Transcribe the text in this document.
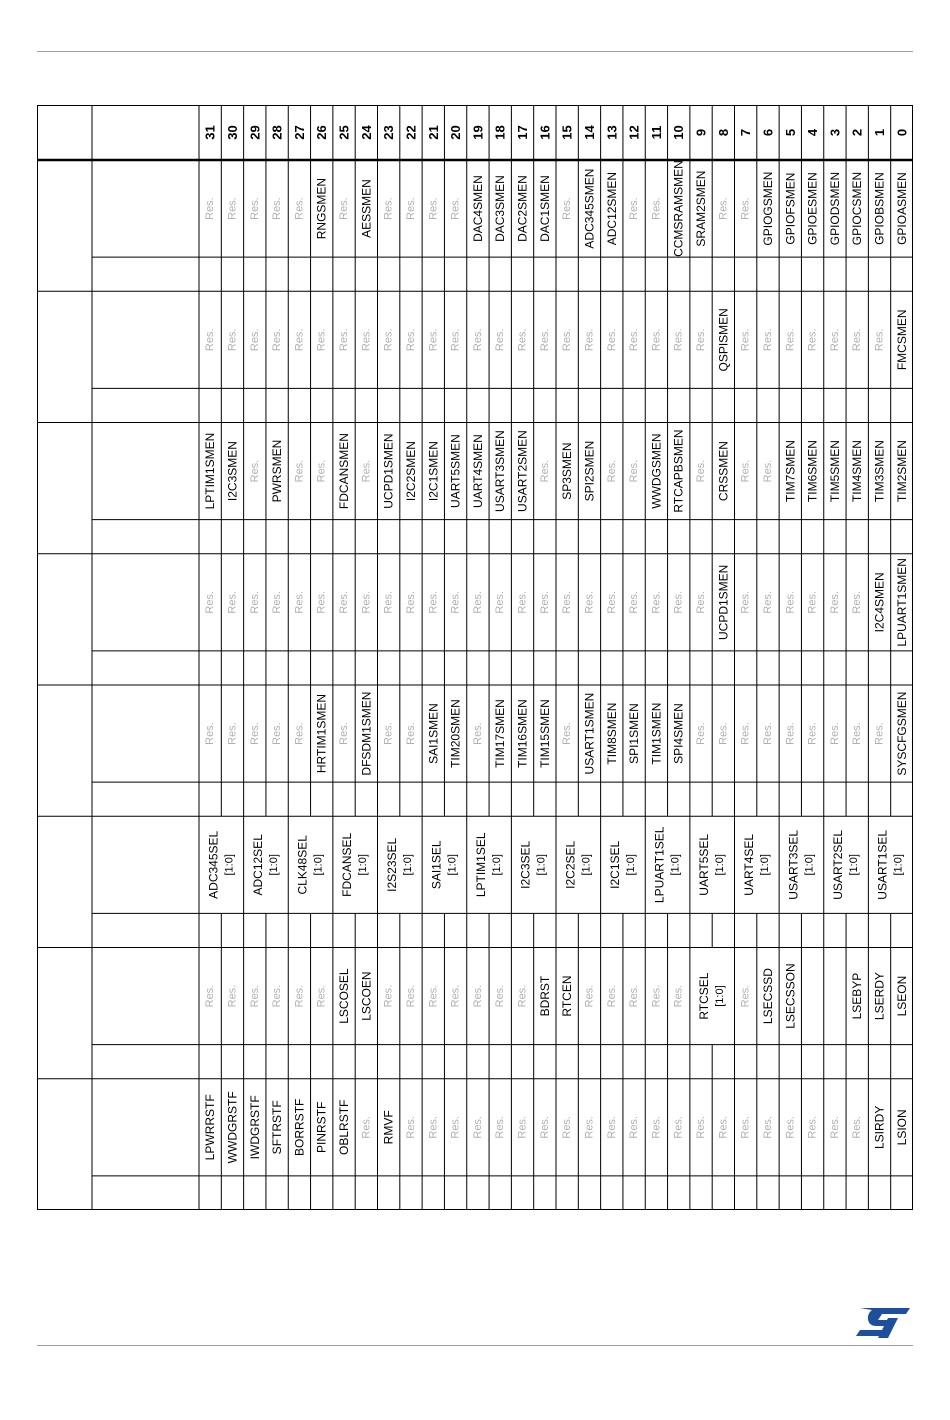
31 30 29 28 27 26 25 24 23 22 21 20 19 18 17 16 15 14 13 12 11 10 9 8 7 6 5 4 3 2 1 0
Res. Res. Res. Res. Res. RNGSMEN Res. AESSMEN Res. Res. Res. Res. DAC4SMEN DAC3SMEN DAC2SMEN DAC1SMEN Res. ADC345SMEN ADC12SMEN Res. Res. CCMSRAMSMEN SRAM2SMEN Res. Res. GPIOGSMEN GPIOFSMEN GPIOESMEN GPIODSMEN GPIOCSMEN GPIOBSMEN GPIOASMEN
Res. Res. Res. Res. Res. Res. Res. Res. Res. Res. Res. Res. Res. Res. Res. Res. Res. Res. Res. Res. Res. Res. Res. QSPISMEN Res. Res. Res. Res. Res. Res. Res. FMCSMEN
LPTIM1SMEN I2C3SMEN Res. PWRSMEN Res. Res. FDCANSMEN Res. UCPD1SMEN I2C2SMEN I2C1SMEN UART5SMEN UART4SMEN USART3SMEN USART2SMEN Res. SP3SMEN SPI2SMEN Res. Res. WWDGSMEN RTCAPBSMEN Res. CRSSMEN Res. Res. TIM7SMEN TIM6SMEN TIM5SMEN TIM4SMEN TIM3SMEN TIM2SMEN
Res. Res. Res. Res. Res. Res. Res. Res. Res. Res. Res. Res. Res. Res. Res. Res. Res. Res. Res. Res. Res. Res. Res. UCPD1SMEN Res. Res. Res. Res. Res. Res. I2C4SMEN LPUART1SMEN
Res. Res. Res. Res. Res. HRTIM1SMEN Res. DFSDM1SMEN Res. Res. SAI1SMEN TIM20SMEN Res. TIM17SMEN TIM16SMEN TIM15SMEN Res. USART1SMEN TIM8SMEN SPI1SMEN TIM1SMEN SPI4SMEN Res. Res. Res. Res. Res. Res. Res. Res. Res. SYSCFGSMEN
ADC345SEL [1:0] ADC12SEL [1:0] CLK48SEL [1:0] FDCANSEL [1:0] I2S23SEL [1:0] SAI1SEL [1:0] LPTIM1SEL [1:0] I2C3SEL [1:0] I2C2SEL [1:0] I2C1SEL [1:0] LPUART1SEL [1:0] UART5SEL [1:0] UART4SEL [1:0] USART3SEL [1:0] USART2SEL [1:0] USART1SEL [1:0]
Res. Res. Res. Res. Res. Res. LSCOSEL LSCOEN Res. Res. Res. Res. Res. Res. Res. BDRST RTCEN Res. Res. Res. Res. Res. RTCSEL [1:0] Res. LSECSSD LSECSSON	LSEBYP LSERDY LSEON
LPWRRSTF WWDGRSTF IWDGRSTF SFTRSTF BORRSTF PINRSTF OBLRSTF Res. RMVF Res. Res. Res. Res. Res. Res. Res. Res. Res. Res. Res. Res. Res. Res. Res. Res. Res. Res. Res. Res. Res. LSIRDY LSION
